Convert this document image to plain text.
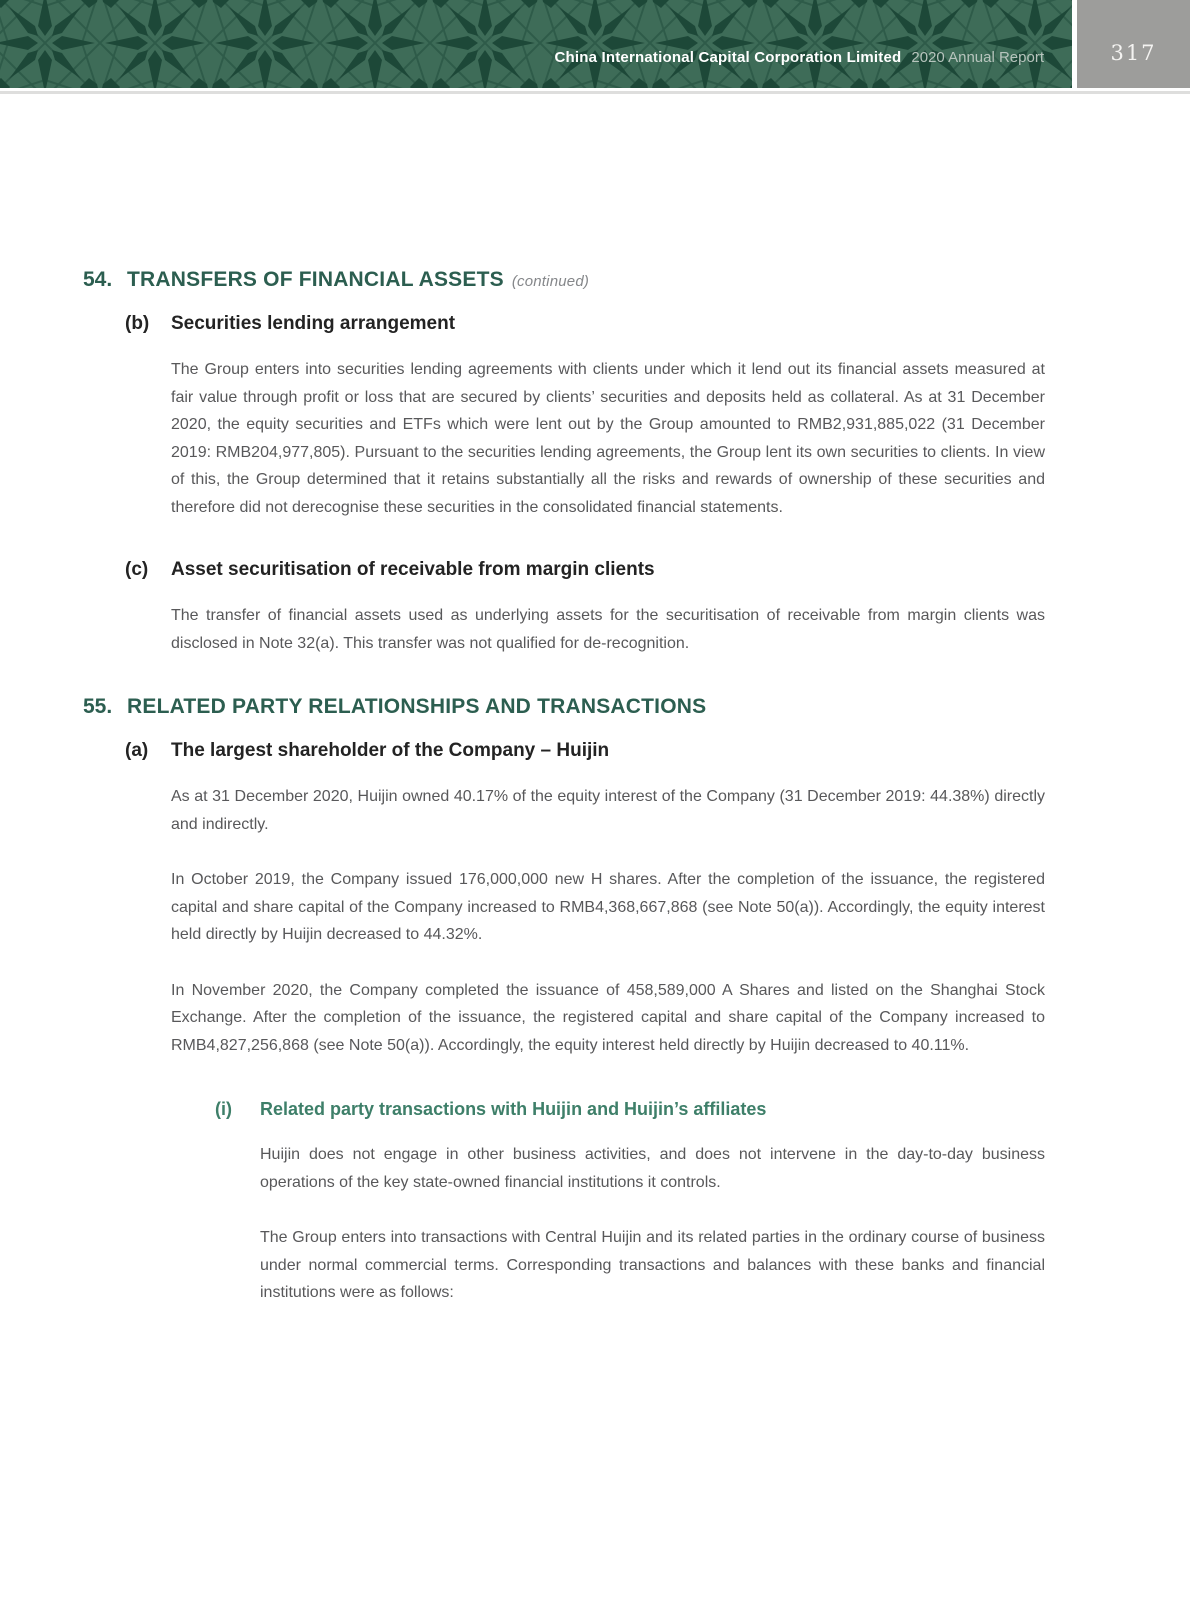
China International Capital Corporation Limited 2020 Annual Report	317
54. TRANSFERS OF FINANCIAL ASSETS (continued)
(b)	Securities lending arrangement

The Group enters into securities lending agreements with clients under which it lend out its financial assets measured at fair value through profit or loss that are secured by clients’ securities and deposits held as collateral. As at 31 December 2020, the equity securities and ETFs which were lent out by the Group amounted to RMB2,931,885,022 (31 December 2019: RMB204,977,805). Pursuant to the securities lending agreements, the Group lent its own securities to clients. In view of this, the Group determined that it retains substantially all the risks and rewards of ownership of these securities and therefore did not derecognise these securities in the consolidated financial statements.

(c)	Asset securitisation of receivable from margin clients

The transfer of financial assets used as underlying assets for the securitisation of receivable from margin clients was disclosed in Note 32(a). This transfer was not qualified for de-recognition.

55. RELATED PARTY RELATIONSHIPS AND TRANSACTIONS
(a)	The largest shareholder of the Company – Huijin

As at 31 December 2020, Huijin owned 40.17% of the equity interest of the Company (31 December 2019: 44.38%) directly and indirectly.

In October 2019, the Company issued 176,000,000 new H shares. After the completion of the issuance, the registered capital and share capital of the Company increased to RMB4,368,667,868 (see Note 50(a)). Accordingly, the equity interest held directly by Huijin decreased to 44.32%.

In November 2020, the Company completed the issuance of 458,589,000 A Shares and listed on the Shanghai Stock Exchange. After the completion of the issuance, the registered capital and share capital of the Company increased to RMB4,827,256,868 (see Note 50(a)). Accordingly, the equity interest held directly by Huijin decreased to 40.11%.

(i)	Related party transactions with Huijin and Huijin’s affiliates

Huijin does not engage in other business activities, and does not intervene in the day-to-day business operations of the key state-owned financial institutions it controls.

The Group enters into transactions with Central Huijin and its related parties in the ordinary course of business under normal commercial terms. Corresponding transactions and balances with these banks and financial institutions were as follows:
